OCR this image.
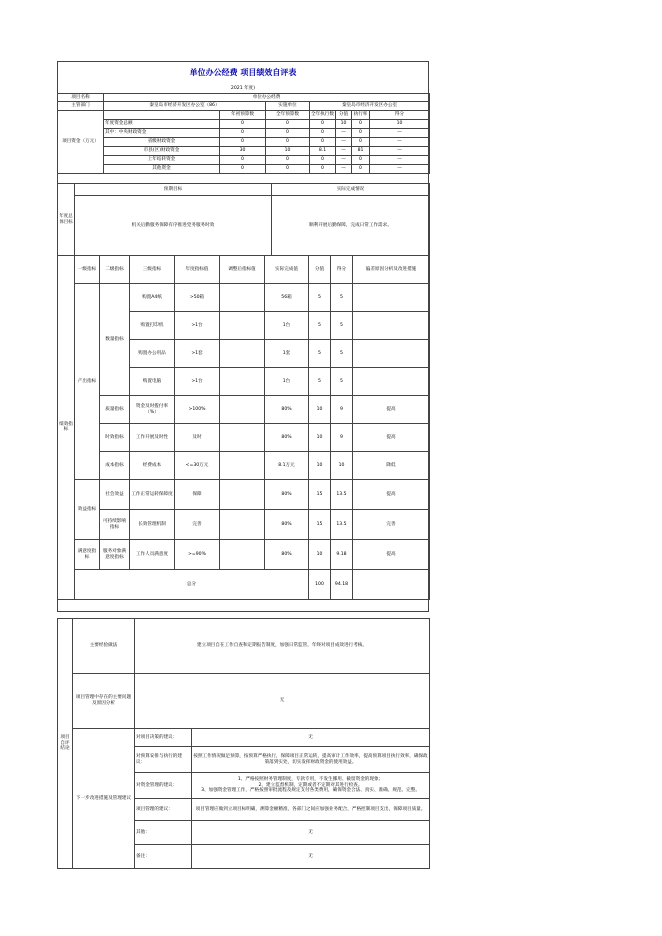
单位办公经费 项目绩效自评表
2021 年度)
项目名称	单位办公经费		
主管部门	秦皇岛市经济开发区办公室（86）	实施单位	秦皇岛市经济开发区办公室
项目资金（万元）		年初预算数	全年预算数	全年执行数	分值	执行率	得分
	年度资金总额	0	0	0	10	0	10
	其中：中央财政资金	0	0	0	—	0	—
	省级财政资金	0	0	0	—	0	—
	市县(区)财政资金	30	10	8.1	—	81	—
	上年结转资金	0	0	0	—	0	—
	其他资金	0	0	0	—	0	—
年度总体目标	预期目标	实际完成情况
	机关后勤服务保障有序推进党务服务时效	顺利开展后勤保障，完成日常工作需求。
绩效指标	一级指标	二级指标	三级指标	年度指标值	调整后指标值	实际完成值	分值	得分	偏差原因分析及改进措施
	产出指标	数量指标	购置A4纸	>50箱		56箱	5	5	
			购置打印机	>1台		1台	5	5	
			购置办公用品	>1套		1套	5	5	
			购置电脑	>1台		1台	5	5	
		质量指标	资金及时拨付率（%）	>100%		80%	10	9	提高
		时效指标	工作开展及时性	及时		80%	10	9	提高
		成本指标	经费成本	<=30万元		8.1万元	10	10	降低
	效益指标	社会效益	工作正常运转保障度	保障		80%	15	13.5	提高
		可持续影响指标	长效管理机制	完善		80%	15	13.5	完善
	满意度指标	服务对象满意度指标	工作人员满意度	>=90%		80%	10	9.18	提高
	总分						100	94.18	
项目自评结论	主要经验做法	建立项目自在工作自查和定期报告制度，加强日常监管，年终对项目成效进行考核。	
	项目管理中存在的主要问题及原因分析	无	
	下一步改进措施及管理建议	对项目决策的建议：	无
		对预算安排与执行的建议：	按照工作情况做足预算，按预算严格执行，保障项目正常运转，提高审计工作效率，提高预算项目执行效率，确保政策落到实处，切实发挥财政资金的使用效益。
		对资金管理的建议：	1、严格按照财务管理制度，专款专用，不发生挪用、截留资金的现象；
2、建立监督机制，定期或者不定期对其进行检查。
3、加强资金管理工作，严格按照审批流程及规定支付各类费用，确保资金合法、真实、准确、规范、完整。
		项目管理的建议：	项目管理应做到立项目标明确，测算金额精准，各部门之间应加强业务配合，严格控制项目支出，保障项目质量。
		其他：	无
		备注：	无
